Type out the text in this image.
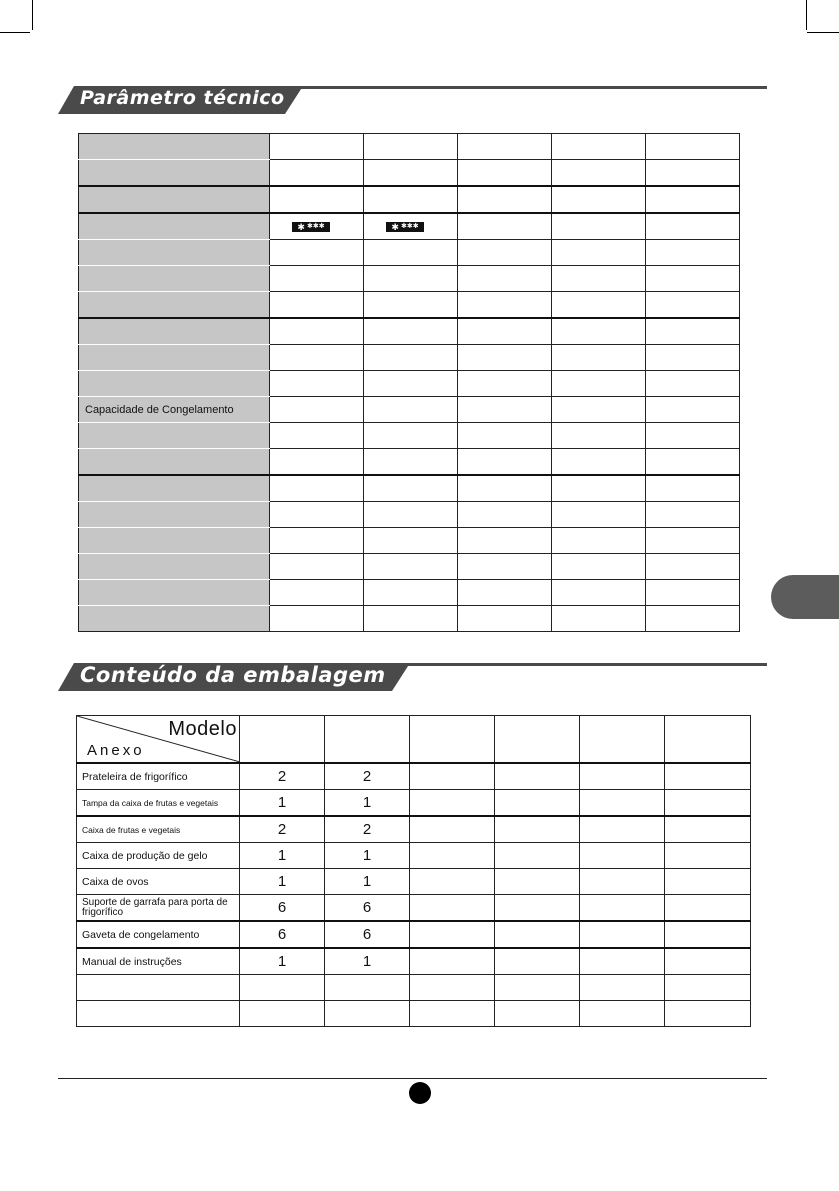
Parâmetro técnico

	✱ ✱✱✱	✱ ✱✱✱			

Capacidade de Congelamento					

Conteúdo da embalagem
Modelo
Anexo						

Prateleira de frigorífico	2	2				
Tampa da caixa de frutas e vegetais	1	1				
Caixa de frutas e vegetais	2	2				
Caixa de produção de gelo	1	1				
Caixa de ovos	1	1				
Suporte de garrafa para porta de frigorífico	6	6				
Gaveta de congelamento	6	6				
Manual de instruções	1	1				
